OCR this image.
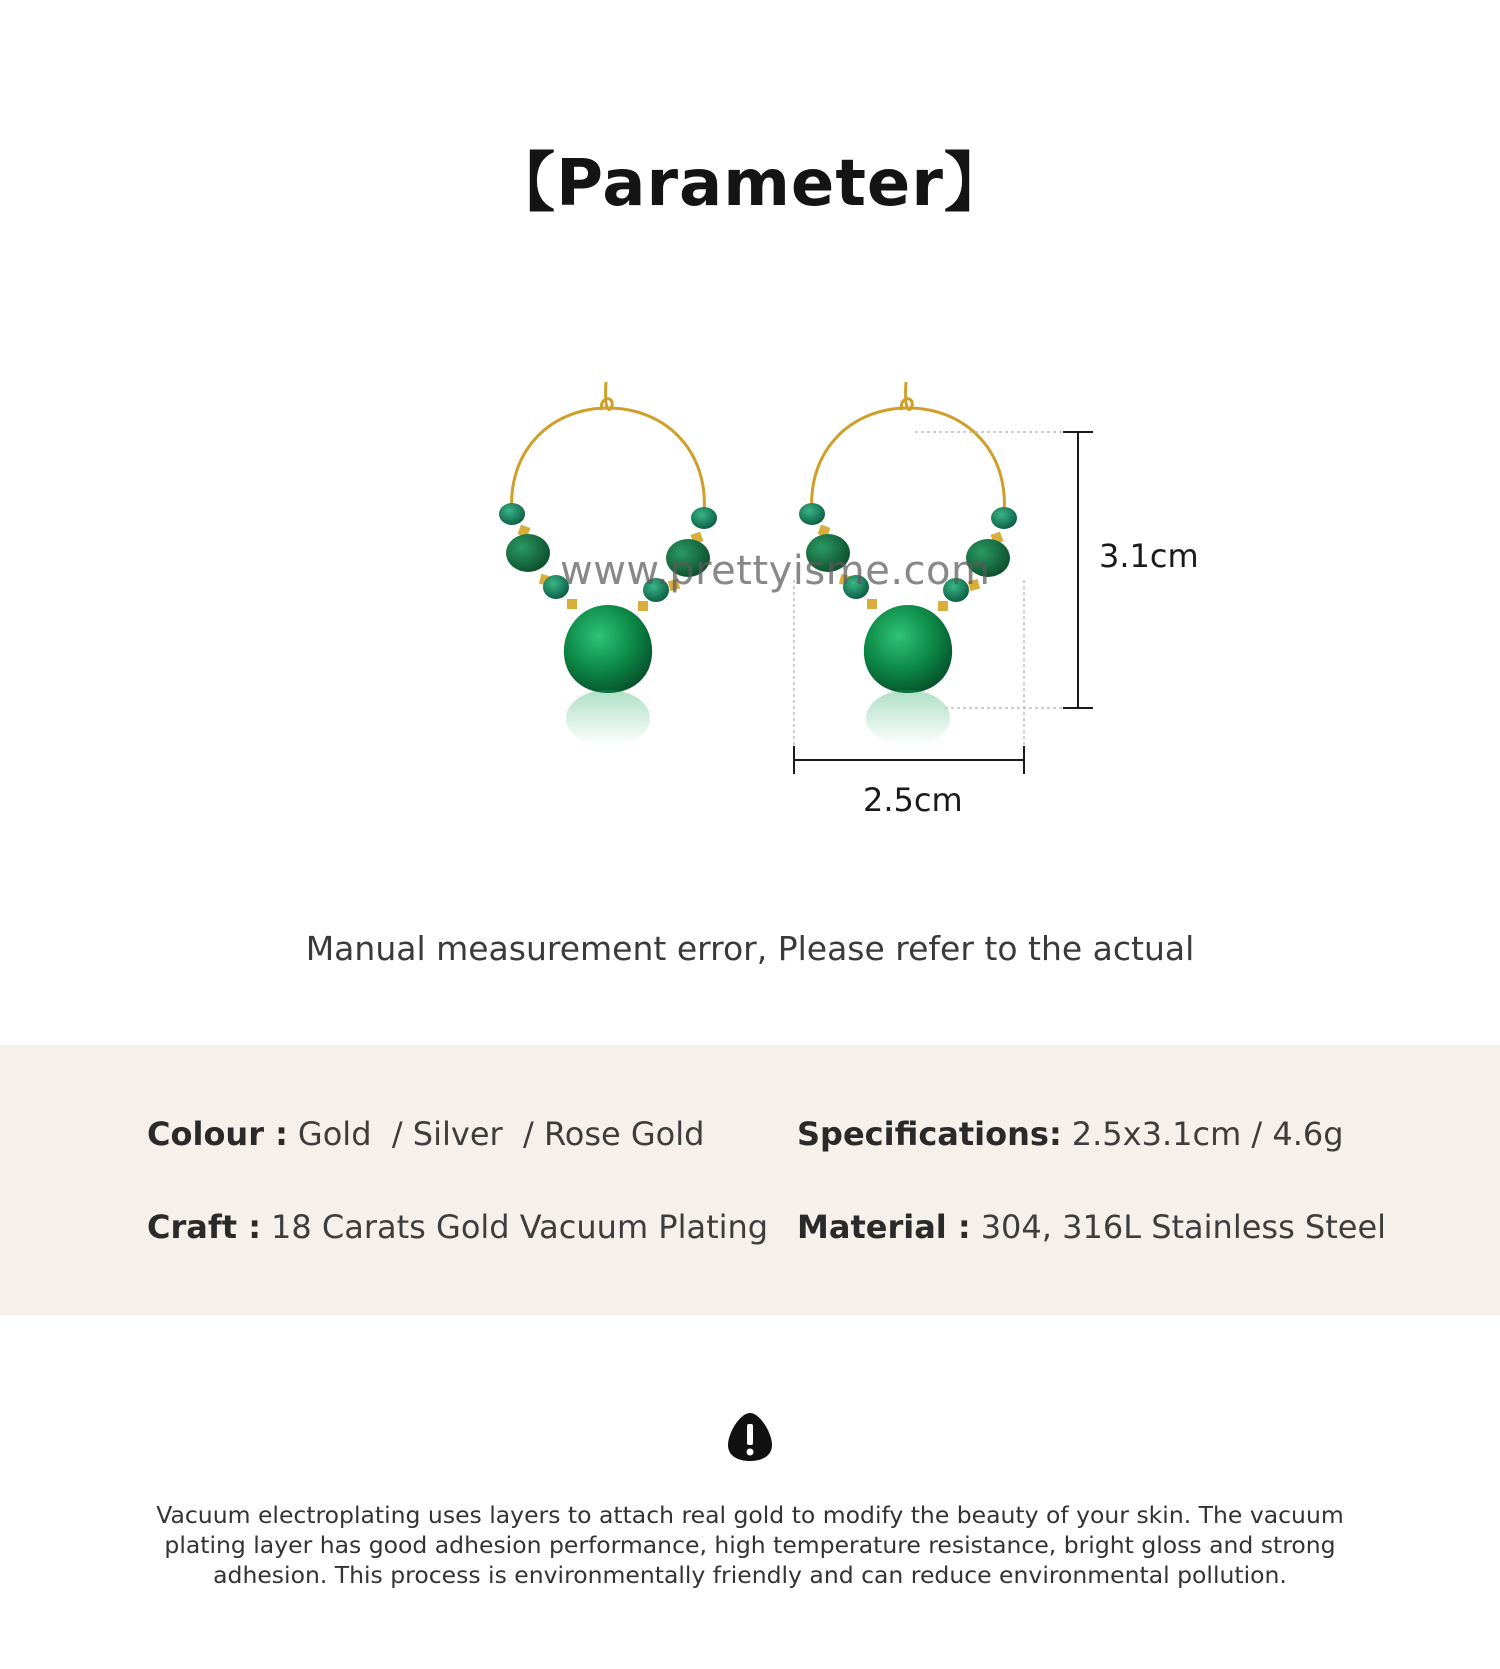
【Parameter】
www.prettyisme.com	3.1cm
2.5cm
Manual measurement error, Please refer to the actual
Colour : Gold  / Silver  / Rose Gold	Specifications: 2.5x3.1cm / 4.6g
Craft : 18 Carats Gold Vacuum Plating Material : 304, 316L Stainless Steel
Vacuum electroplating uses layers to attach real gold to modify the beauty of your skin. The vacuum plating layer has good adhesion performance, high temperature resistance, bright gloss and strong adhesion. This process is environmentally friendly and can reduce environmental pollution.
